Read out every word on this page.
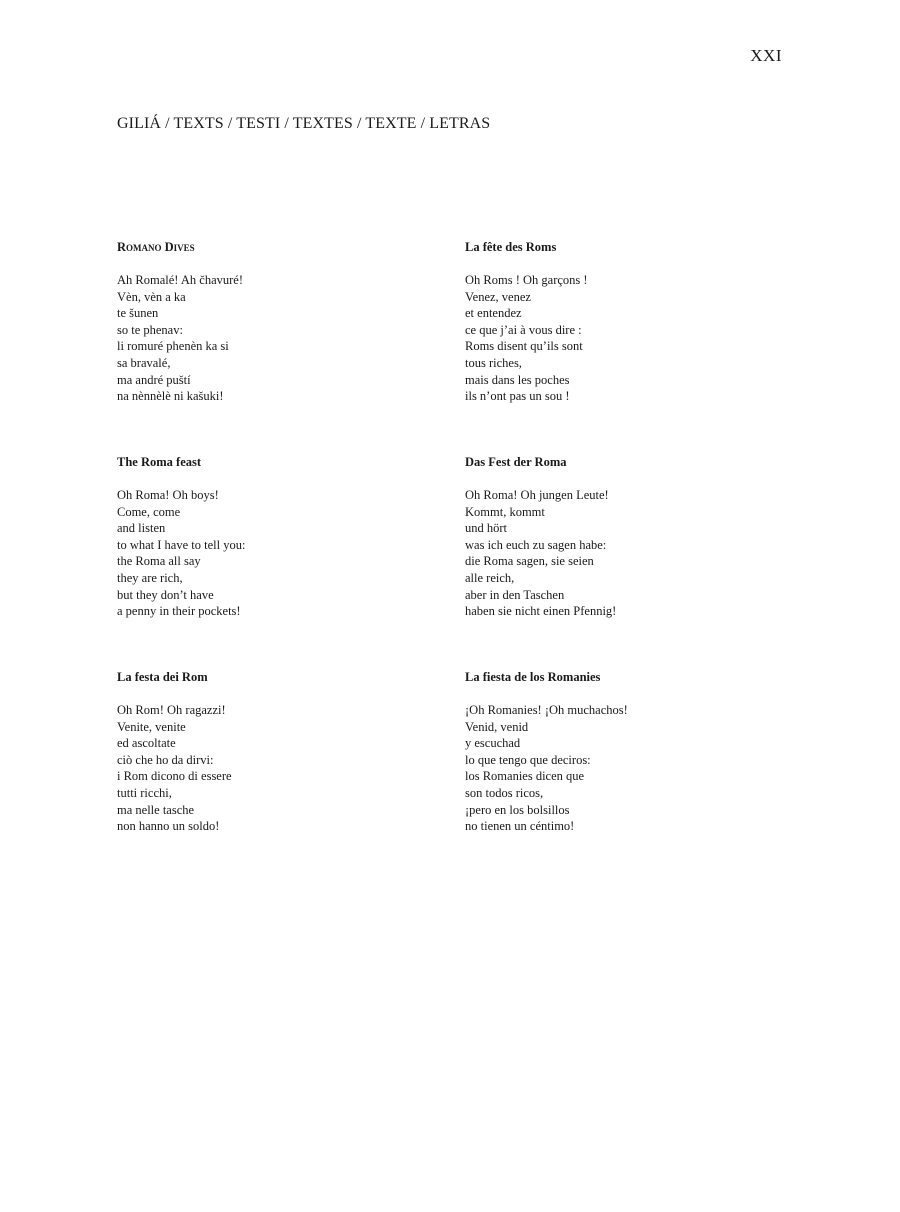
XXI
GILIÁ / TEXTS / TESTI / TEXTES / TEXTE / LETRAS
Romano Dives
Ah Romalé! Ah čhavuré!
Vèn, vèn a ka
te šunen
so te phenav:
li romuré phenèn ka si
sa bravalé,
ma andré puští
na nènnèlè ni kašuki!
La fête des Roms
Oh Roms ! Oh garçons !
Venez, venez
et entendez
ce que j’ai à vous dire :
Roms disent qu’ils sont
tous riches,
mais dans les poches
ils n’ont pas un sou !
The Roma feast
Oh Roma! Oh boys!
Come, come
and listen
to what I have to tell you:
the Roma all say
they are rich,
but they don’t have
a penny in their pockets!
Das Fest der Roma
Oh Roma! Oh jungen Leute!
Kommt, kommt
und hört
was ich euch zu sagen habe:
die Roma sagen, sie seien
alle reich,
aber in den Taschen
haben sie nicht einen Pfennig!
La festa dei Rom
Oh Rom! Oh ragazzi!
Venite, venite
ed ascoltate
ciò che ho da dirvi:
i Rom dicono di essere
tutti ricchi,
ma nelle tasche
non hanno un soldo!
La fiesta de los Romanies
¡Oh Romanies! ¡Oh muchachos!
Venid, venid
y escuchad
lo que tengo que deciros:
los Romanies dicen que
son todos ricos,
¡pero en los bolsillos
no tienen un céntimo!
